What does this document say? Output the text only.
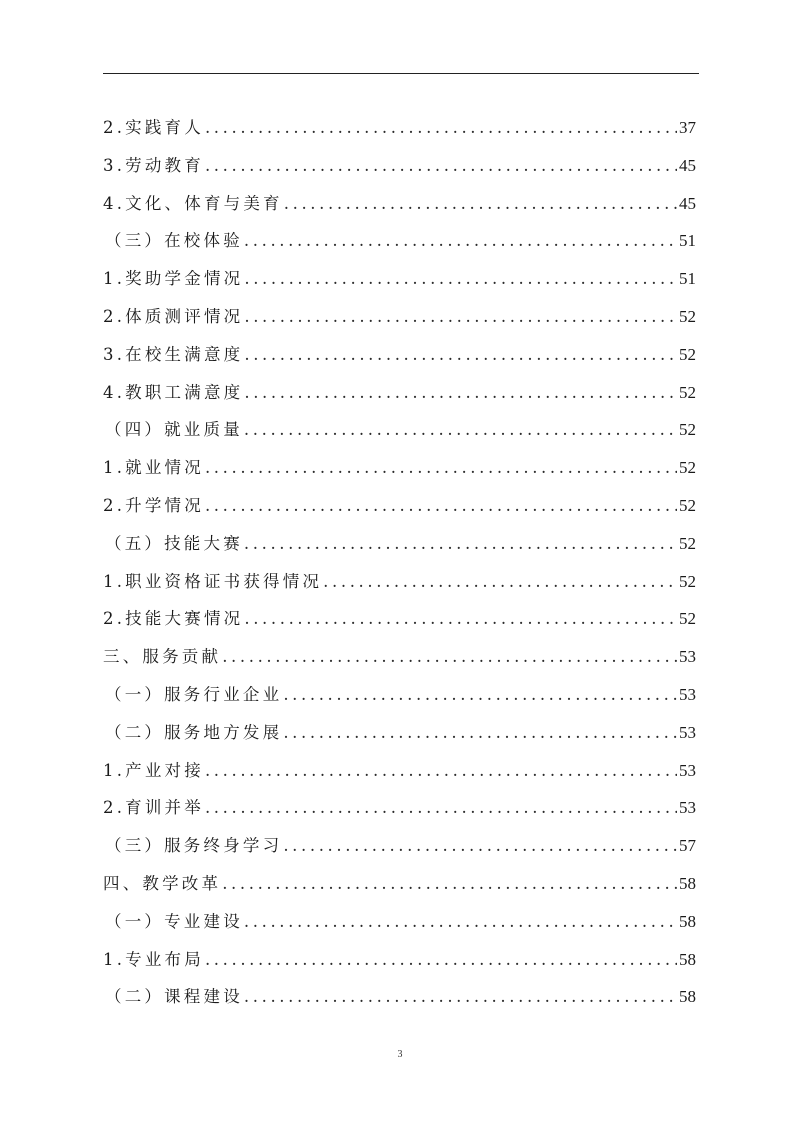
2.实践育人 .....	37
3.劳动教育 .....	45
4.文化、体育与美育 .....	45
（三）在校体验 .....	51
1.奖助学金情况 .....	51
2.体质测评情况 .....	52
3.在校生满意度 .....	52
4.教职工满意度 .....	52
（四）就业质量 .....	52
1.就业情况 .....	52
2.升学情况 .....	52
（五）技能大赛 .....	52
1.职业资格证书获得情况 .....	52
2.技能大赛情况 .....	52
三、服务贡献 .....	53
（一）服务行业企业 .....	53
（二）服务地方发展 .....	53
1.产业对接 .....	53
2.育训并举 .....	53
（三）服务终身学习 .....	57
四、教学改革 .....	58
（一）专业建设 .....	58
1.专业布局 .....	58
（二）课程建设 .....	58
3
